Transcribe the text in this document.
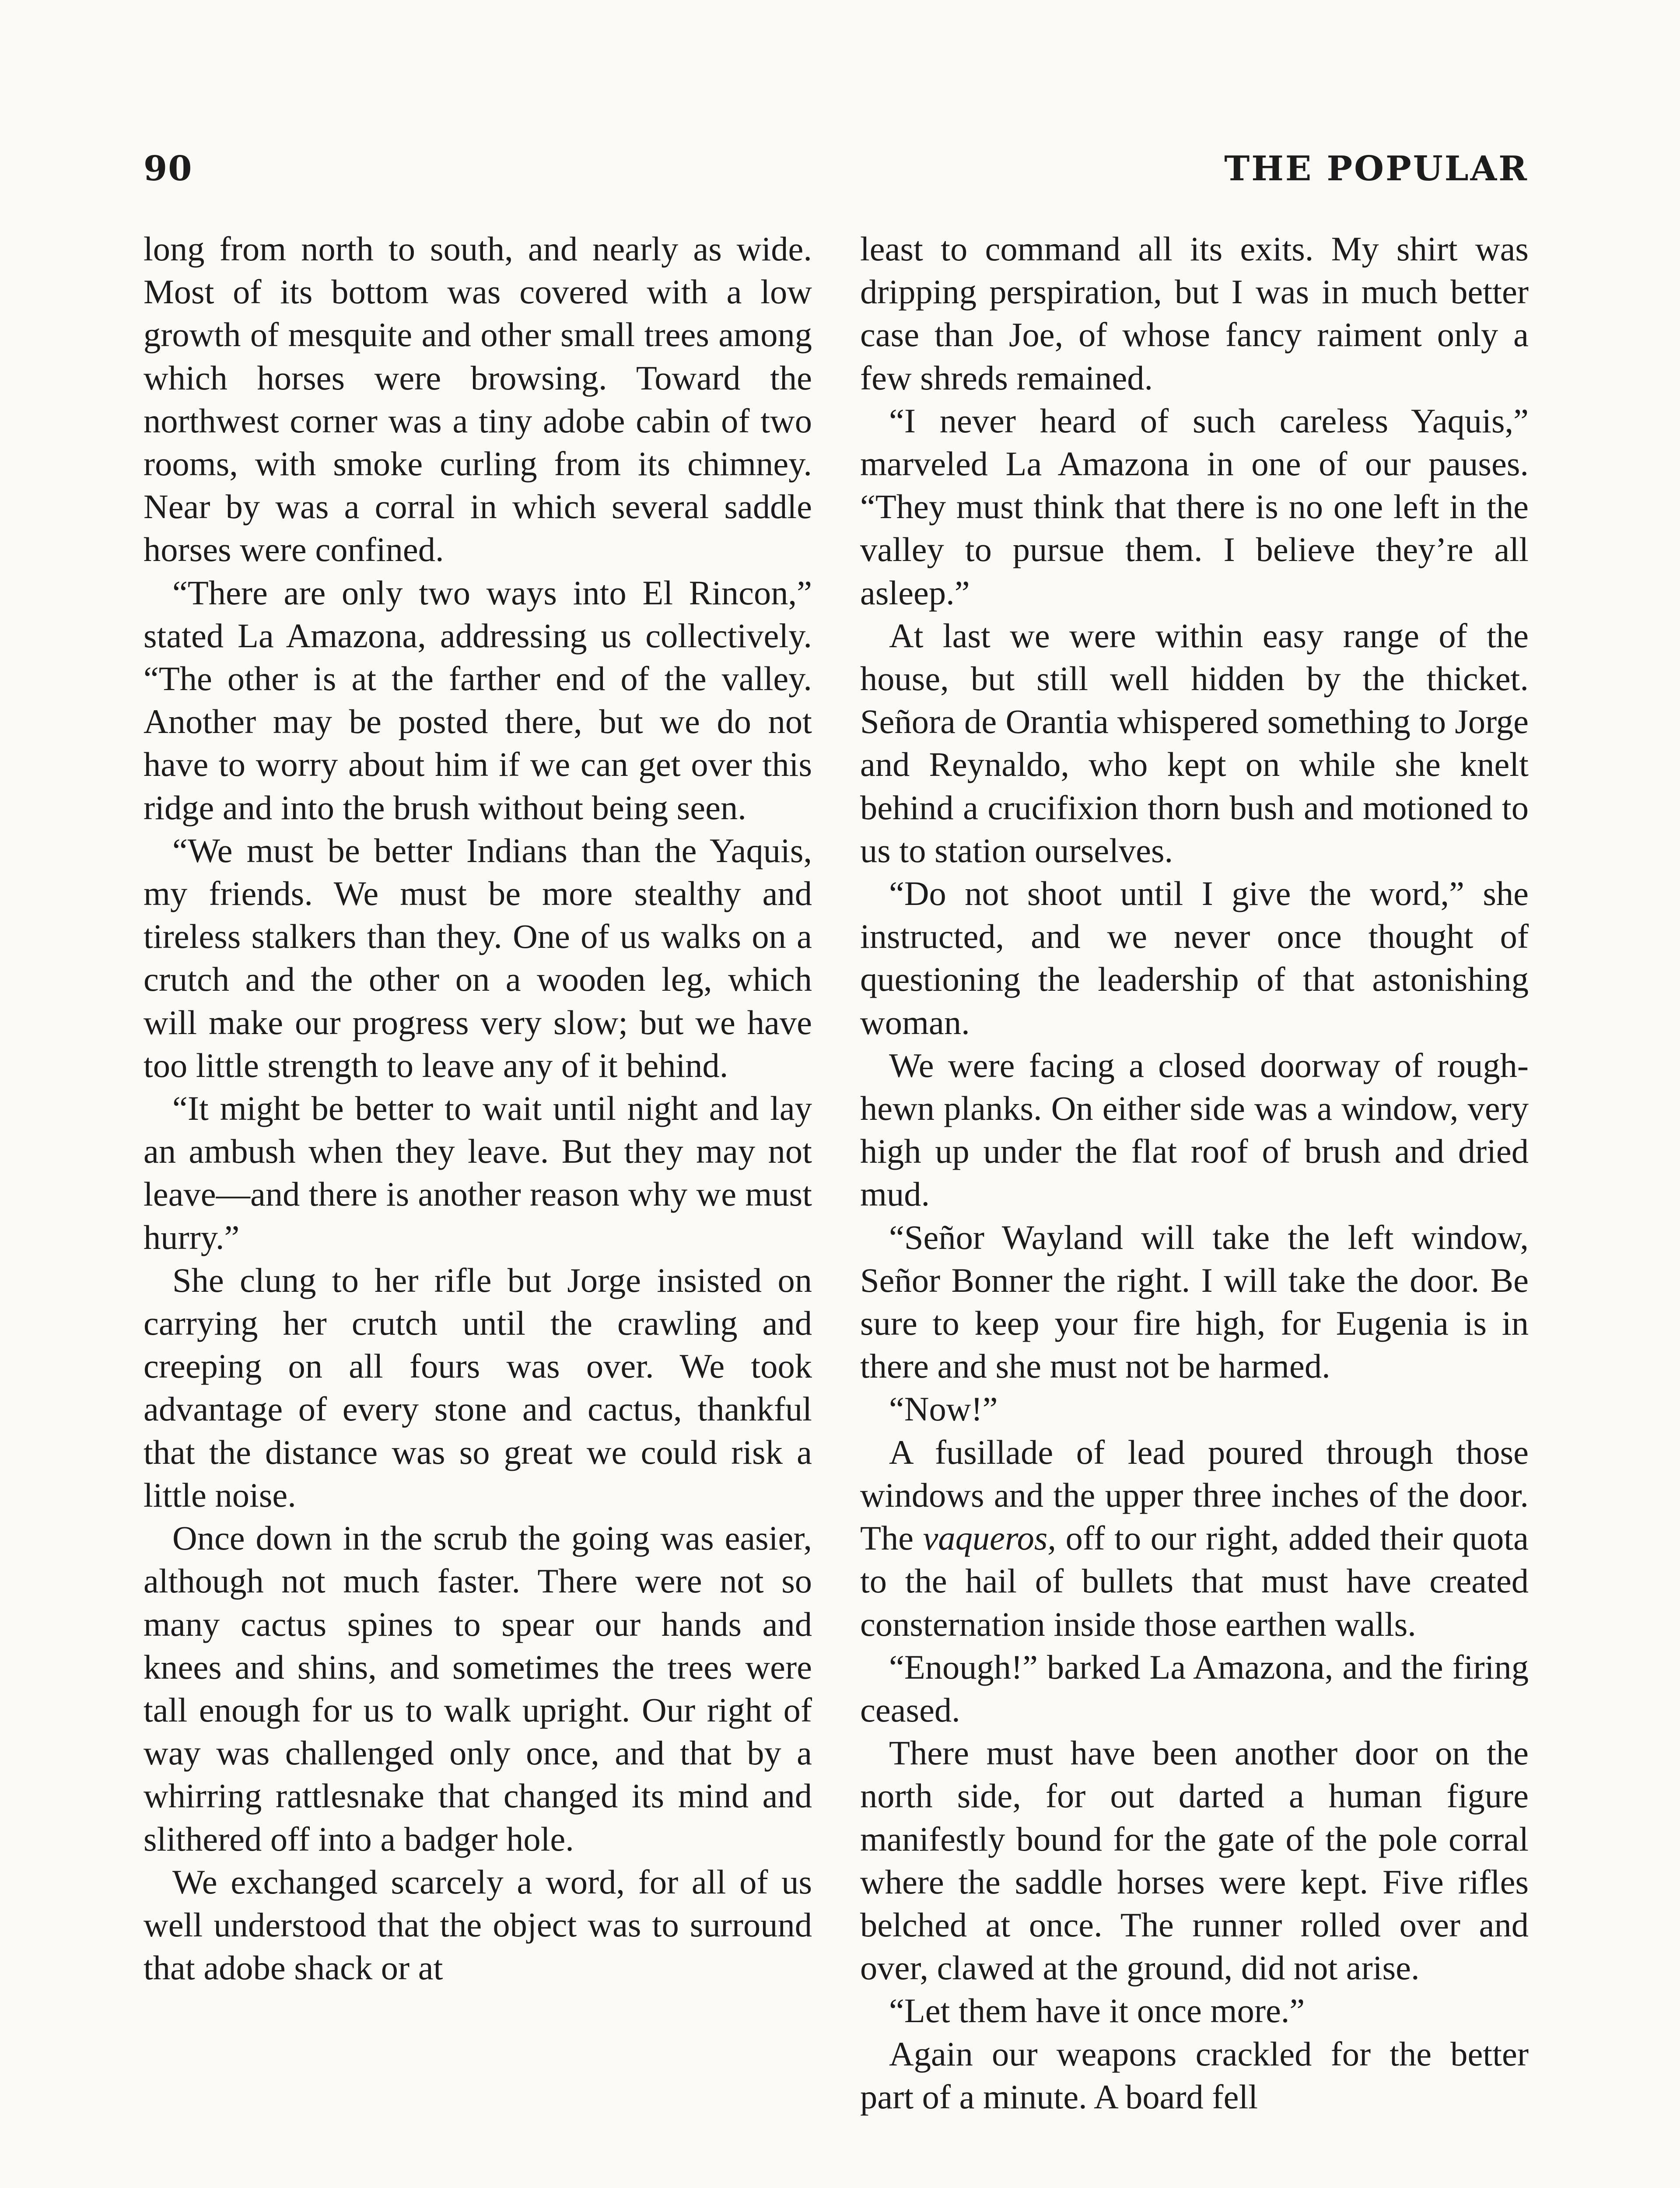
90	THE POPULAR

long from north to south, and nearly as wide. Most of its bottom was covered with a low growth of mesquite and other small trees among which horses were browsing. Toward the northwest corner was a tiny adobe cabin of two rooms, with smoke curling from its chimney. Near by was a corral in which several saddle horses were confined.

“There are only two ways into El Rincon,” stated La Amazona, addressing us collectively. “The other is at the farther end of the valley. Another may be posted there, but we do not have to worry about him if we can get over this ridge and into the brush without being seen.

“We must be better Indians than the Yaquis, my friends. We must be more stealthy and tireless stalkers than they. One of us walks on a crutch and the other on a wooden leg, which will make our progress very slow; but we have too little strength to leave any of it behind.

“It might be better to wait until night and lay an ambush when they leave. But they may not leave—and there is another reason why we must hurry.”

She clung to her rifle but Jorge insisted on carrying her crutch until the crawling and creeping on all fours was over. We took advantage of every stone and cactus, thankful that the distance was so great we could risk a little noise.

Once down in the scrub the going was easier, although not much faster. There were not so many cactus spines to spear our hands and knees and shins, and sometimes the trees were tall enough for us to walk upright. Our right of way was challenged only once, and that by a whirring rattlesnake that changed its mind and slithered off into a badger hole.

We exchanged scarcely a word, for all of us well understood that the object was to surround that adobe shack or at

least to command all its exits. My shirt was dripping perspiration, but I was in much better case than Joe, of whose fancy raiment only a few shreds remained.

“I never heard of such careless Yaquis,” marveled La Amazona in one of our pauses. “They must think that there is no one left in the valley to pursue them. I believe they’re all asleep.”

At last we were within easy range of the house, but still well hidden by the thicket. Señora de Orantia whispered something to Jorge and Reynaldo, who kept on while she knelt behind a crucifixion thorn bush and motioned to us to station ourselves.

“Do not shoot until I give the word,” she instructed, and we never once thought of questioning the leadership of that astonishing woman.

We were facing a closed doorway of rough-hewn planks. On either side was a window, very high up under the flat roof of brush and dried mud.

“Señor Wayland will take the left window, Señor Bonner the right. I will take the door. Be sure to keep your fire high, for Eugenia is in there and she must not be harmed.

“Now!”

A fusillade of lead poured through those windows and the upper three inches of the door. The vaqueros, off to our right, added their quota to the hail of bullets that must have created consternation inside those earthen walls.

“Enough!” barked La Amazona, and the firing ceased.

There must have been another door on the north side, for out darted a human figure manifestly bound for the gate of the pole corral where the saddle horses were kept. Five rifles belched at once. The runner rolled over and over, clawed at the ground, did not arise.

“Let them have it once more.”

Again our weapons crackled for the better part of a minute. A board fell
